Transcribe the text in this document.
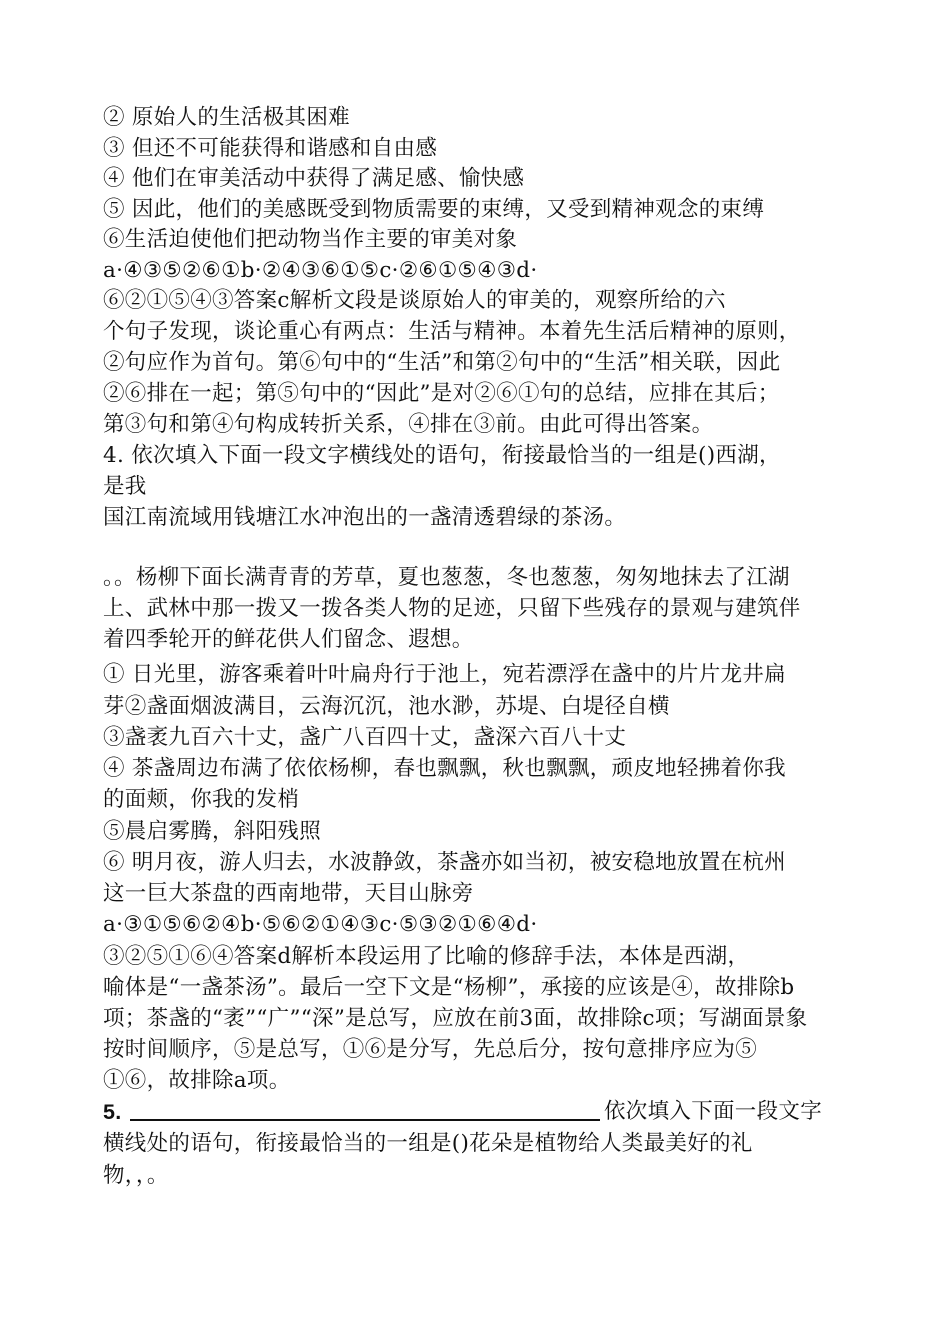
② 原始人的生活极其困难
③ 但还不可能获得和谐感和自由感
④ 他们在审美活动中获得了满足感、愉快感
⑤ 因此，他们的美感既受到物质需要的束缚，又受到精神观念的束缚
⑥生活迫使他们把动物当作主要的审美对象
a·④③⑤②⑥①b·②④③⑥①⑤c·②⑥①⑤④③d·
⑥②①⑤④③答案c解析文段是谈原始人的审美的，观察所给的六
个句子发现，谈论重心有两点：生活与精神。本着先生活后精神的原则，
②句应作为首句。第⑥句中的“生活”和第②句中的“生活”相关联，因此
②⑥排在一起；第⑤句中的“因此”是对②⑥①句的总结，应排在其后；
第③句和第④句构成转折关系，④排在③前。由此可得出答案。
4. 依次填入下面一段文字横线处的语句，衔接最恰当的一组是()西湖，
是我
国江南流域用钱塘江水冲泡出的一盏清透碧绿的茶汤。
。。杨柳下面长满青青的芳草，夏也葱葱，冬也葱葱，匆匆地抹去了江湖
上、武林中那一拨又一拨各类人物的足迹，只留下些残存的景观与建筑伴
着四季轮开的鲜花供人们留念、遐想。
① 日光里，游客乘着叶叶扁舟行于池上，宛若漂浮在盏中的片片龙井扁
芽②盏面烟波满目，云海沉沉，池水渺，苏堤、白堤径自横
③盏袤九百六十丈，盏广八百四十丈，盏深六百八十丈
④ 茶盏周边布满了依依杨柳，春也飘飘，秋也飘飘，顽皮地轻拂着你我
的面颊，你我的发梢
⑤晨启雾腾，斜阳残照
⑥ 明月夜，游人归去，水波静敛，茶盏亦如当初，被安稳地放置在杭州
这一巨大茶盘的西南地带，天目山脉旁
a·③①⑤⑥②④b·⑤⑥②①④③c·⑤③②①⑥④d·
③②⑤①⑥④答案d解析本段运用了比喻的修辞手法，本体是西湖，
喻体是“一盏茶汤”。最后一空下文是“杨柳”，承接的应该是④，故排除b
项；茶盏的“袤”“广”“深”是总写，应放在前3面，故排除c项；写湖面景象
按时间顺序，⑤是总写，①⑥是分写，先总后分，按句意排序应为⑤
①⑥，故排除a项。
5.	依次填入下面一段文字
横线处的语句，衔接最恰当的一组是()花朵是植物给人类最美好的礼
物，，。
